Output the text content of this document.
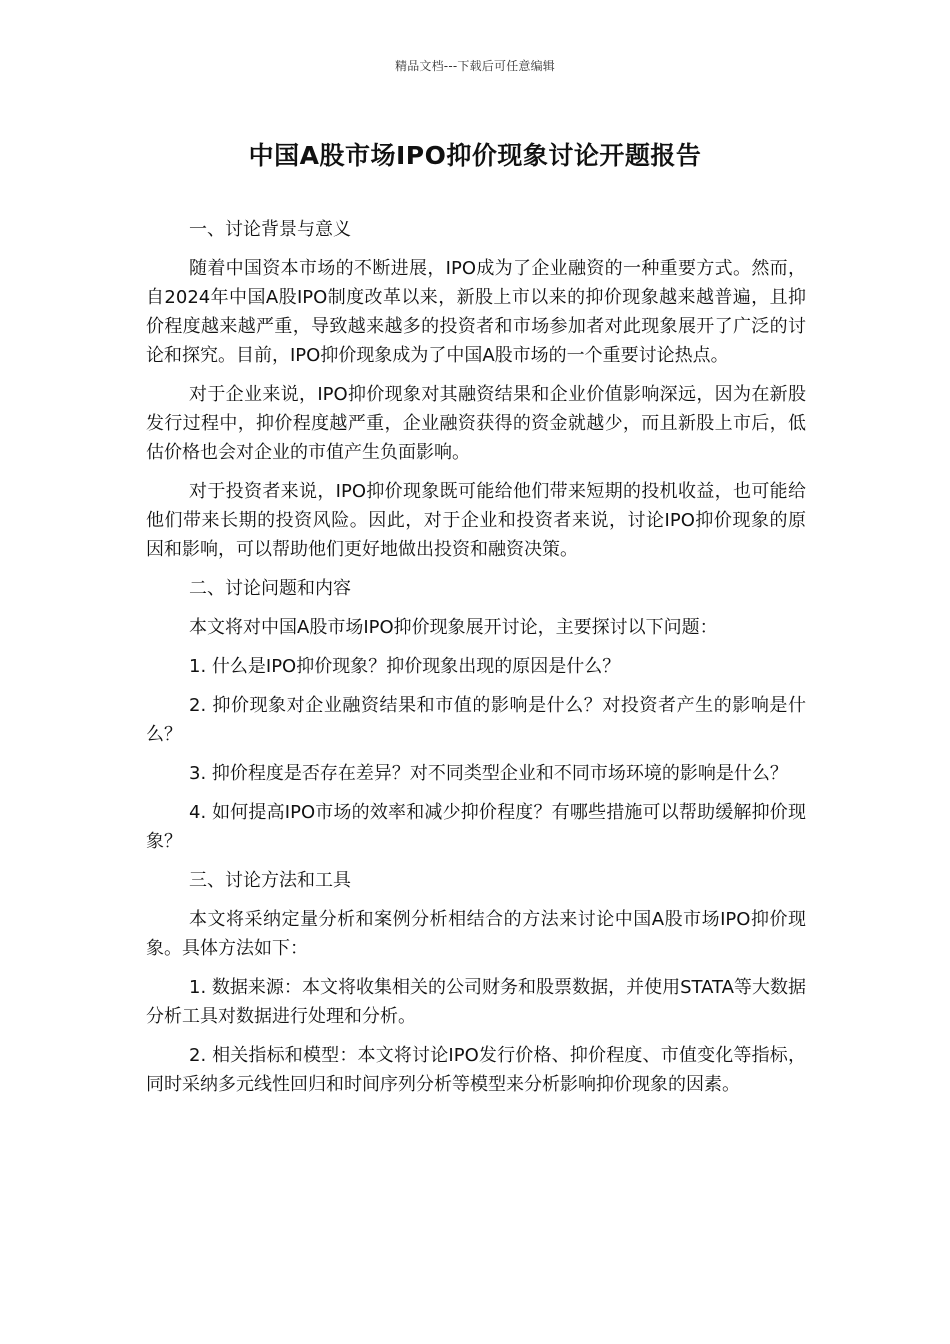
精品文档---下载后可任意编辑
中国A股市场IPO抑价现象讨论开题报告

一、讨论背景与意义

随着中国资本市场的不断进展，IPO成为了企业融资的一种重要方式。然而，自2024年中国A股IPO制度改革以来，新股上市以来的抑价现象越来越普遍，且抑价程度越来越严重，导致越来越多的投资者和市场参加者对此现象展开了广泛的讨论和探究。目前，IPO抑价现象成为了中国A股市场的一个重要讨论热点。

对于企业来说，IPO抑价现象对其融资结果和企业价值影响深远，因为在新股发行过程中，抑价程度越严重，企业融资获得的资金就越少，而且新股上市后，低估价格也会对企业的市值产生负面影响。

对于投资者来说，IPO抑价现象既可能给他们带来短期的投机收益，也可能给他们带来长期的投资风险。因此，对于企业和投资者来说，讨论IPO抑价现象的原因和影响，可以帮助他们更好地做出投资和融资决策。

二、讨论问题和内容

本文将对中国A股市场IPO抑价现象展开讨论，主要探讨以下问题：

1. 什么是IPO抑价现象？抑价现象出现的原因是什么？

2. 抑价现象对企业融资结果和市值的影响是什么？对投资者产生的影响是什么？

3. 抑价程度是否存在差异？对不同类型企业和不同市场环境的影响是什么？

4. 如何提高IPO市场的效率和减少抑价程度？有哪些措施可以帮助缓解抑价现象？

三、讨论方法和工具

本文将采纳定量分析和案例分析相结合的方法来讨论中国A股市场IPO抑价现象。具体方法如下：

1. 数据来源：本文将收集相关的公司财务和股票数据，并使用STATA等大数据分析工具对数据进行处理和分析。

2. 相关指标和模型：本文将讨论IPO发行价格、抑价程度、市值变化等指标，同时采纳多元线性回归和时间序列分析等模型来分析影响抑价现象的因素。
